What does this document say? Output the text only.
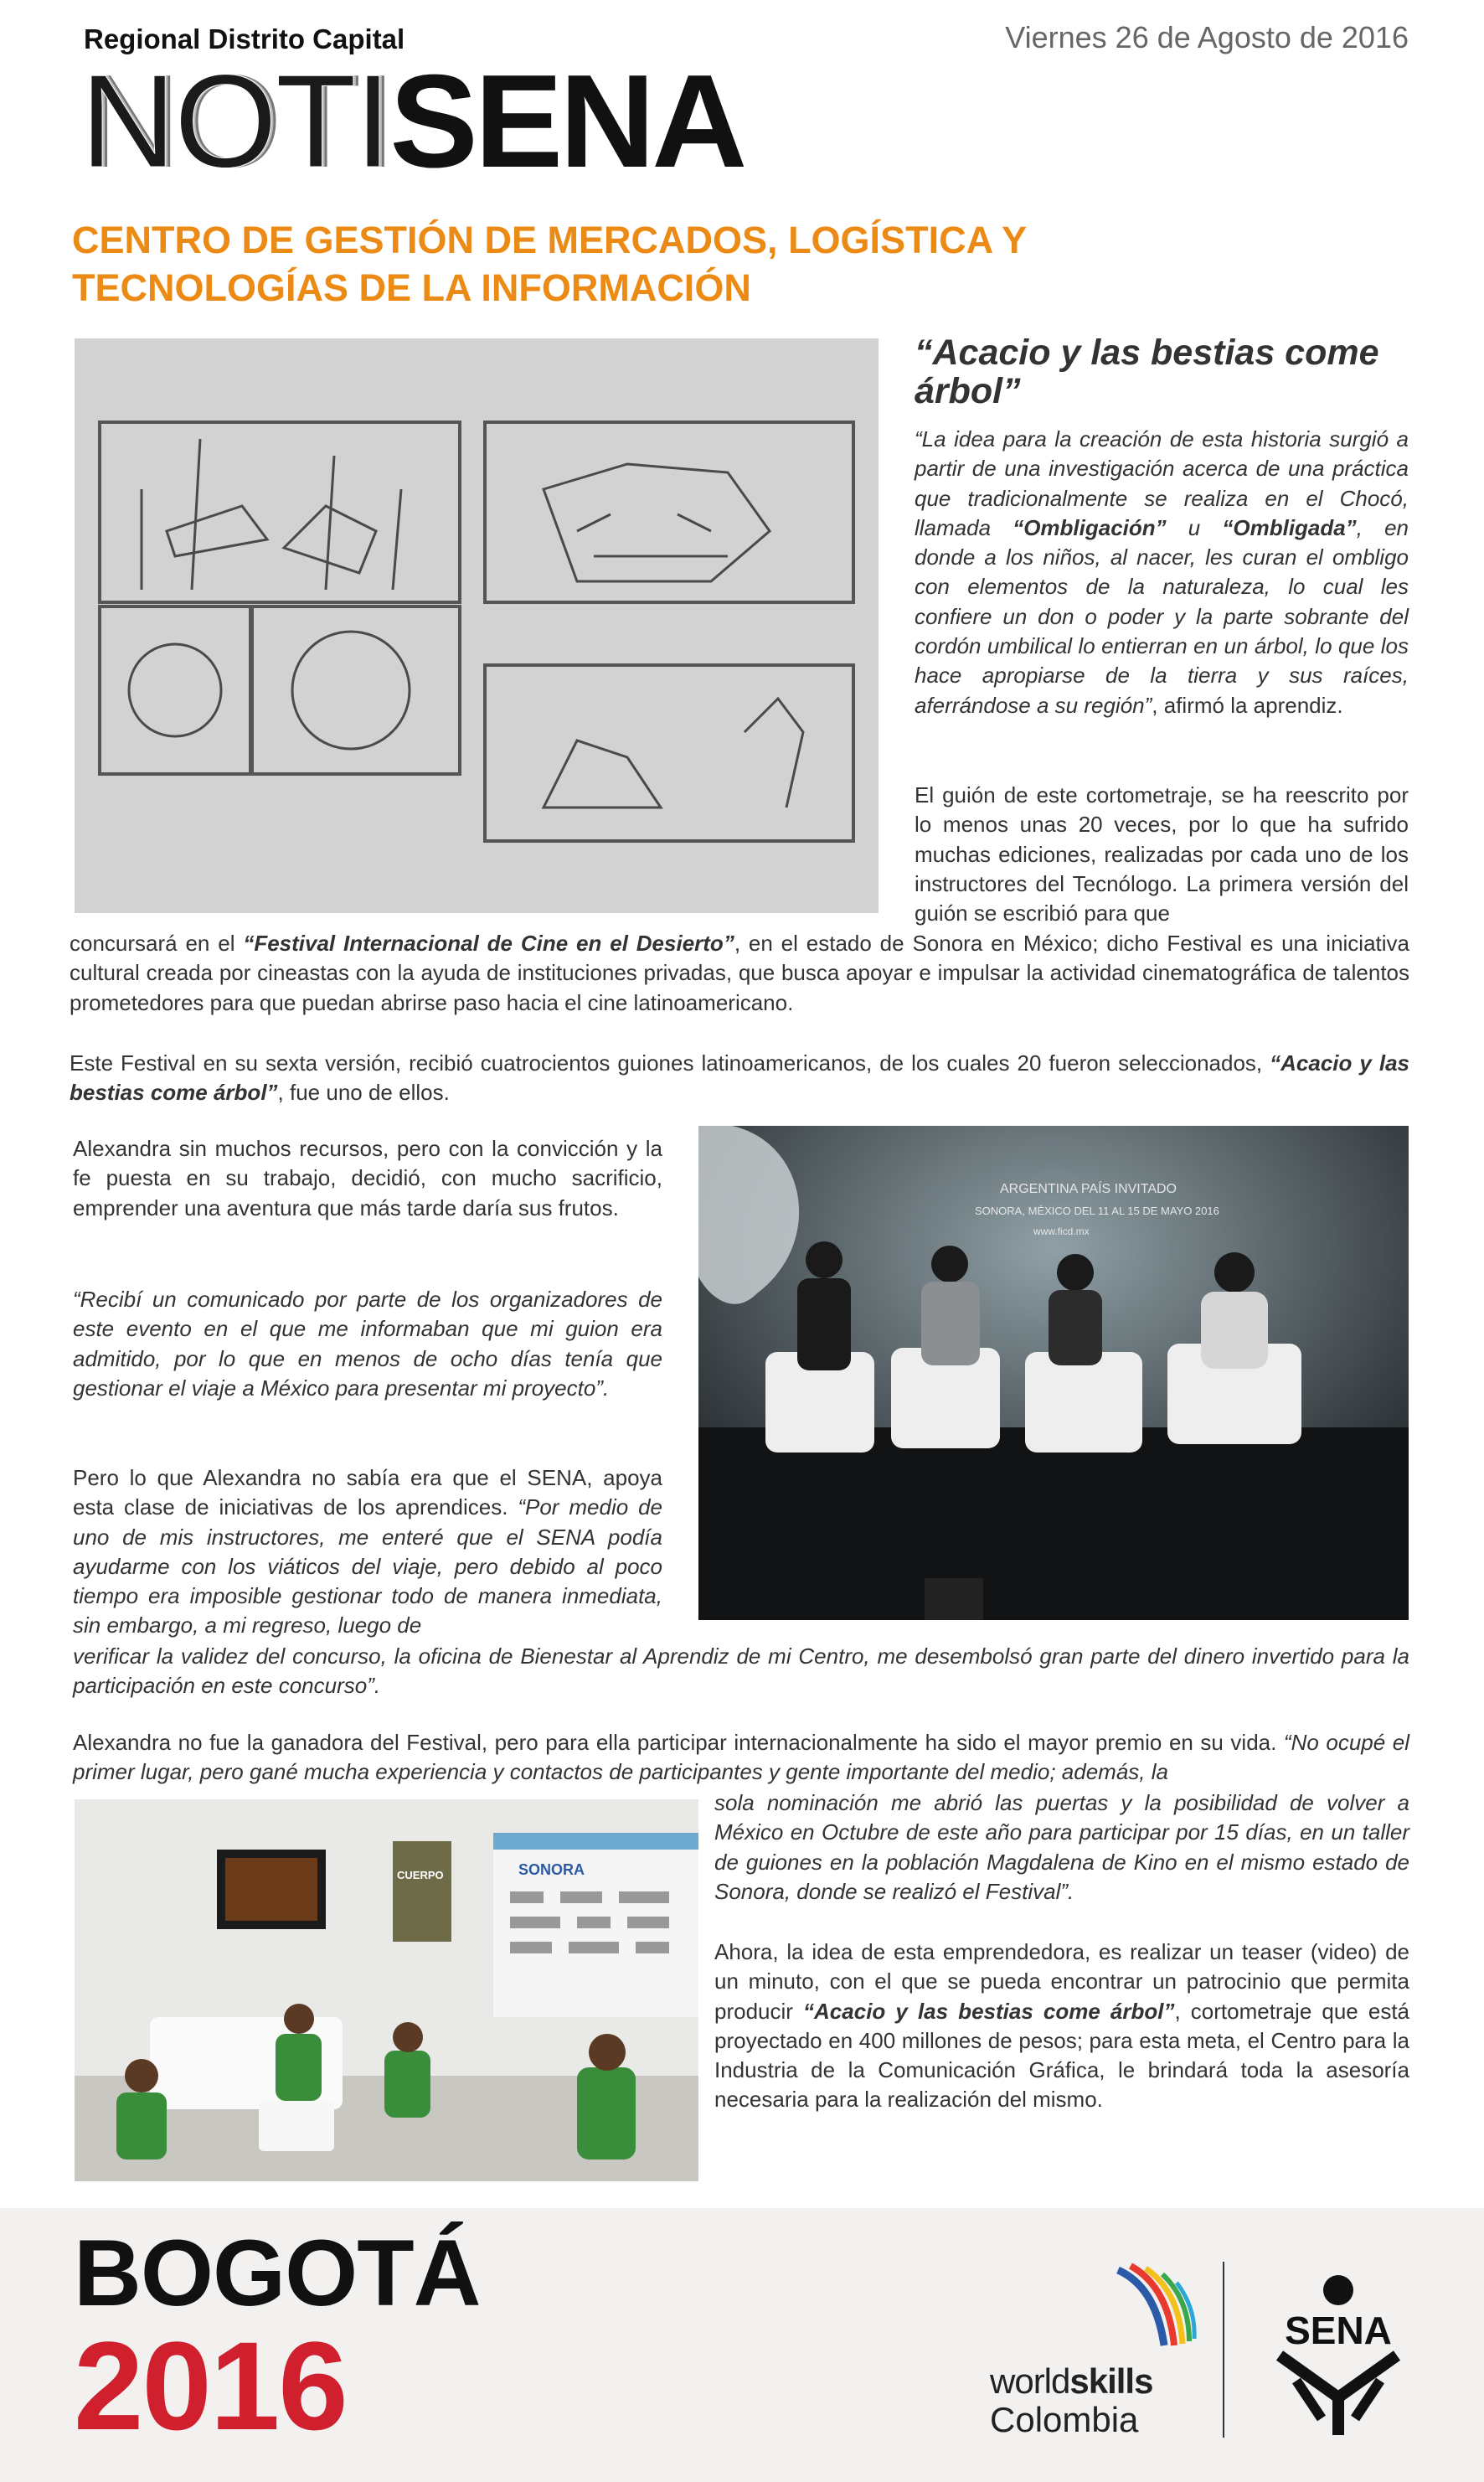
Regional Distrito Capital	Viernes 26 de Agosto de 2016
NOTISENA
CENTRO DE GESTIÓN DE MERCADOS, LOGÍSTICA Y
TECNOLOGÍAS DE LA INFORMACIÓN
“Acacio y las bestias come árbol”
“La idea para la creación de esta historia surgió a partir de una investigación acerca de una práctica que tradicionalmente se realiza en el Chocó, llamada “Ombligación” u “Ombligada”, en donde a los niños, al nacer, les curan el ombligo con elementos de la naturaleza, lo cual les confiere un don o poder y la parte sobrante del cordón umbilical lo entierran en un árbol, lo que los hace apropiarse de la tierra y sus raíces, aferrándose a su región”, afirmó la aprendiz.
El guión de este cortometraje, se ha reescrito por lo menos unas 20 veces, por lo que ha sufrido muchas ediciones, realizadas por cada uno de los instructores del Tecnólogo. La primera versión del guión se escribió para que
concursará en el “Festival Internacional de Cine en el Desierto”, en el estado de Sonora en México; dicho Festival es una iniciativa cultural creada por cineastas con la ayuda de instituciones privadas, que busca apoyar e impulsar la actividad cinematográfica de talentos prometedores para que puedan abrirse paso hacia el cine latinoamericano.
Este Festival en su sexta versión, recibió cuatrocientos guiones latinoamericanos, de los cuales 20 fueron seleccionados, “Acacio y las bestias come árbol”, fue uno de ellos.
Alexandra sin muchos recursos, pero con la convicción y la fe puesta en su trabajo, decidió, con mucho sacrificio, emprender una aventura que más tarde daría sus frutos.
“Recibí un comunicado por parte de los organizadores de este evento en el que me informaban que mi guion era admitido, por lo que en menos de ocho días tenía que gestionar el viaje a México para presentar mi proyecto”.
Pero lo que Alexandra no sabía era que el SENA, apoya esta clase de iniciativas de los aprendices. “Por medio de uno de mis instructores, me enteré que el SENA podía ayudarme con los viáticos del viaje, pero debido al poco tiempo era imposible gestionar todo de manera inmediata, sin embargo, a mi regreso, luego de
verificar la validez del concurso, la oficina de Bienestar al Aprendiz de mi Centro, me desembolsó gran parte del dinero invertido para la participación en este concurso”.
ARGENTINA PAÍS INVITADO
SONORA, MÉXICO DEL 11 AL 15 DE MAYO 2016
www.ficd.mx
Alexandra no fue la ganadora del Festival, pero para ella participar internacionalmente ha sido el mayor premio en su vida. “No ocupé el primer lugar, pero gané mucha experiencia y contactos de participantes y gente importante del medio; además, la
sola nominación me abrió las puertas y la posibilidad de volver a México en Octubre de este año para participar por 15 días, en un taller de guiones en la población Magdalena de Kino en el mismo estado de Sonora, donde se realizó el Festival”.
Ahora, la idea de esta emprendedora, es realizar un teaser (video) de un minuto, con el que se pueda encontrar un patrocinio que permita producir “Acacio y las bestias come árbol”, cortometraje que está proyectado en 400 millones de pesos; para esta meta, el Centro para la Industria de la Comunicación Gráfica, le brindará toda la asesoría necesaria para la realización del mismo.
CUERPO	SONORA
BOGOTÁ
2016	worldskills
Colombia
SENA
